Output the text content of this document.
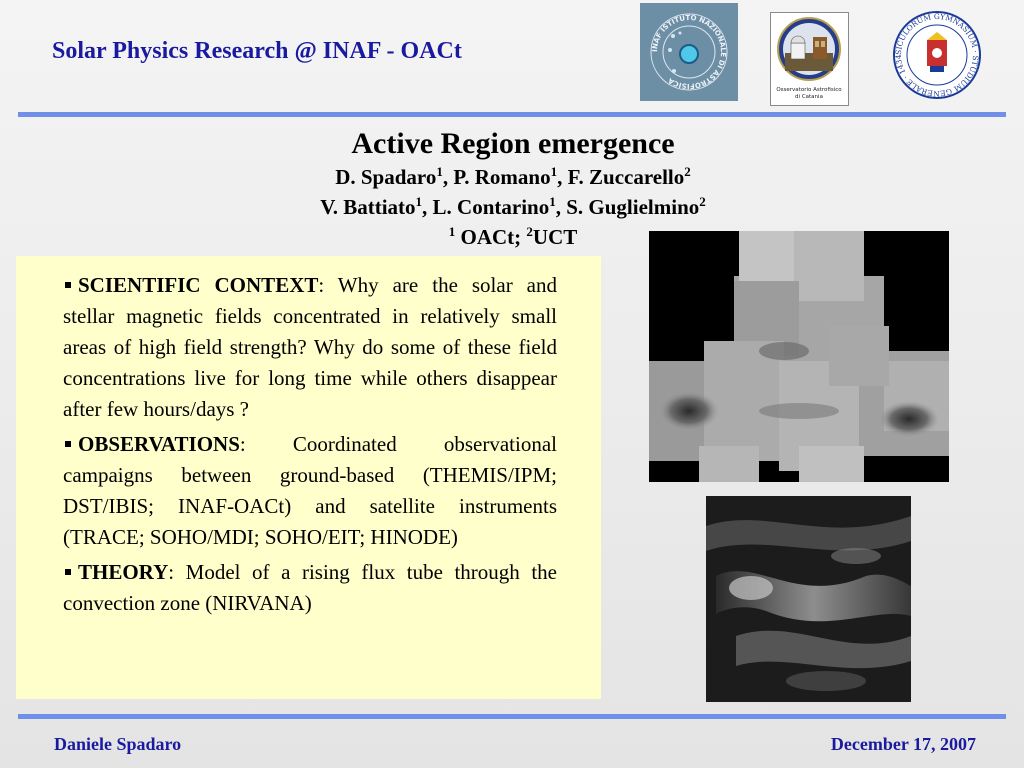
Solar Physics Research @ INAF - OACt	INAF ISTITUTO NAZIONALE DI ASTROFISICA
Osservatorio Astrofisico
di Catania
SICULORUM GYMNASIUM · STUDIUM GENERALE · 1434
Active Region emergence
D. Spadaro$^1$, P. Romano$^1$, F. Zuccarello$^2$
V. Battiato$^1$, L. Contarino$^1$, S. Guglielmino$^2$
$^1$ OACt; $^2$UCT
SCIENTIFIC CONTEXT: Why are the solar and stellar magnetic fields concentrated in relatively small areas of high field strength? Why do some of these field concentrations live for long time while others disappear after few hours/days ?
OBSERVATIONS: Coordinated observational campaigns between ground-based (THEMIS/IPM; DST/IBIS; INAF-OACt) and satellite instruments (TRACE; SOHO/MDI; SOHO/EIT; HINODE)
THEORY: Model of a rising flux tube through the convection zone (NIRVANA)
Daniele Spadaro	December 17, 2007
